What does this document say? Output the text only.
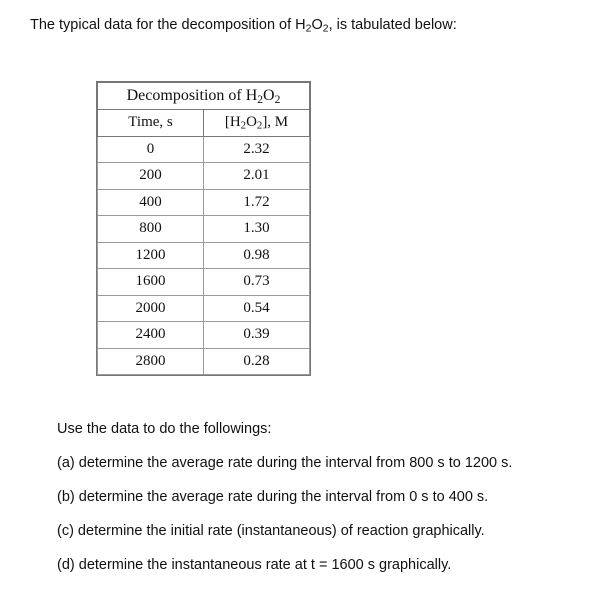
The typical data for the decomposition of $H_2O_2$, is tabulated below:
Decomposition of $H_2O_2$
Time, s	$[H_2O_2]$, M
0	2.32
200	2.01
400	1.72
800	1.30
1200	0.98
1600	0.73
2000	0.54
2400	0.39
2800	0.28

Use the data to do the followings:

(a) determine the average rate during the interval from 800 s to 1200 s.

(b) determine the average rate during the interval from 0 s to 400 s.

(c) determine the initial rate (instantaneous) of reaction graphically.

(d) determine the instantaneous rate at t = 1600 s graphically.
